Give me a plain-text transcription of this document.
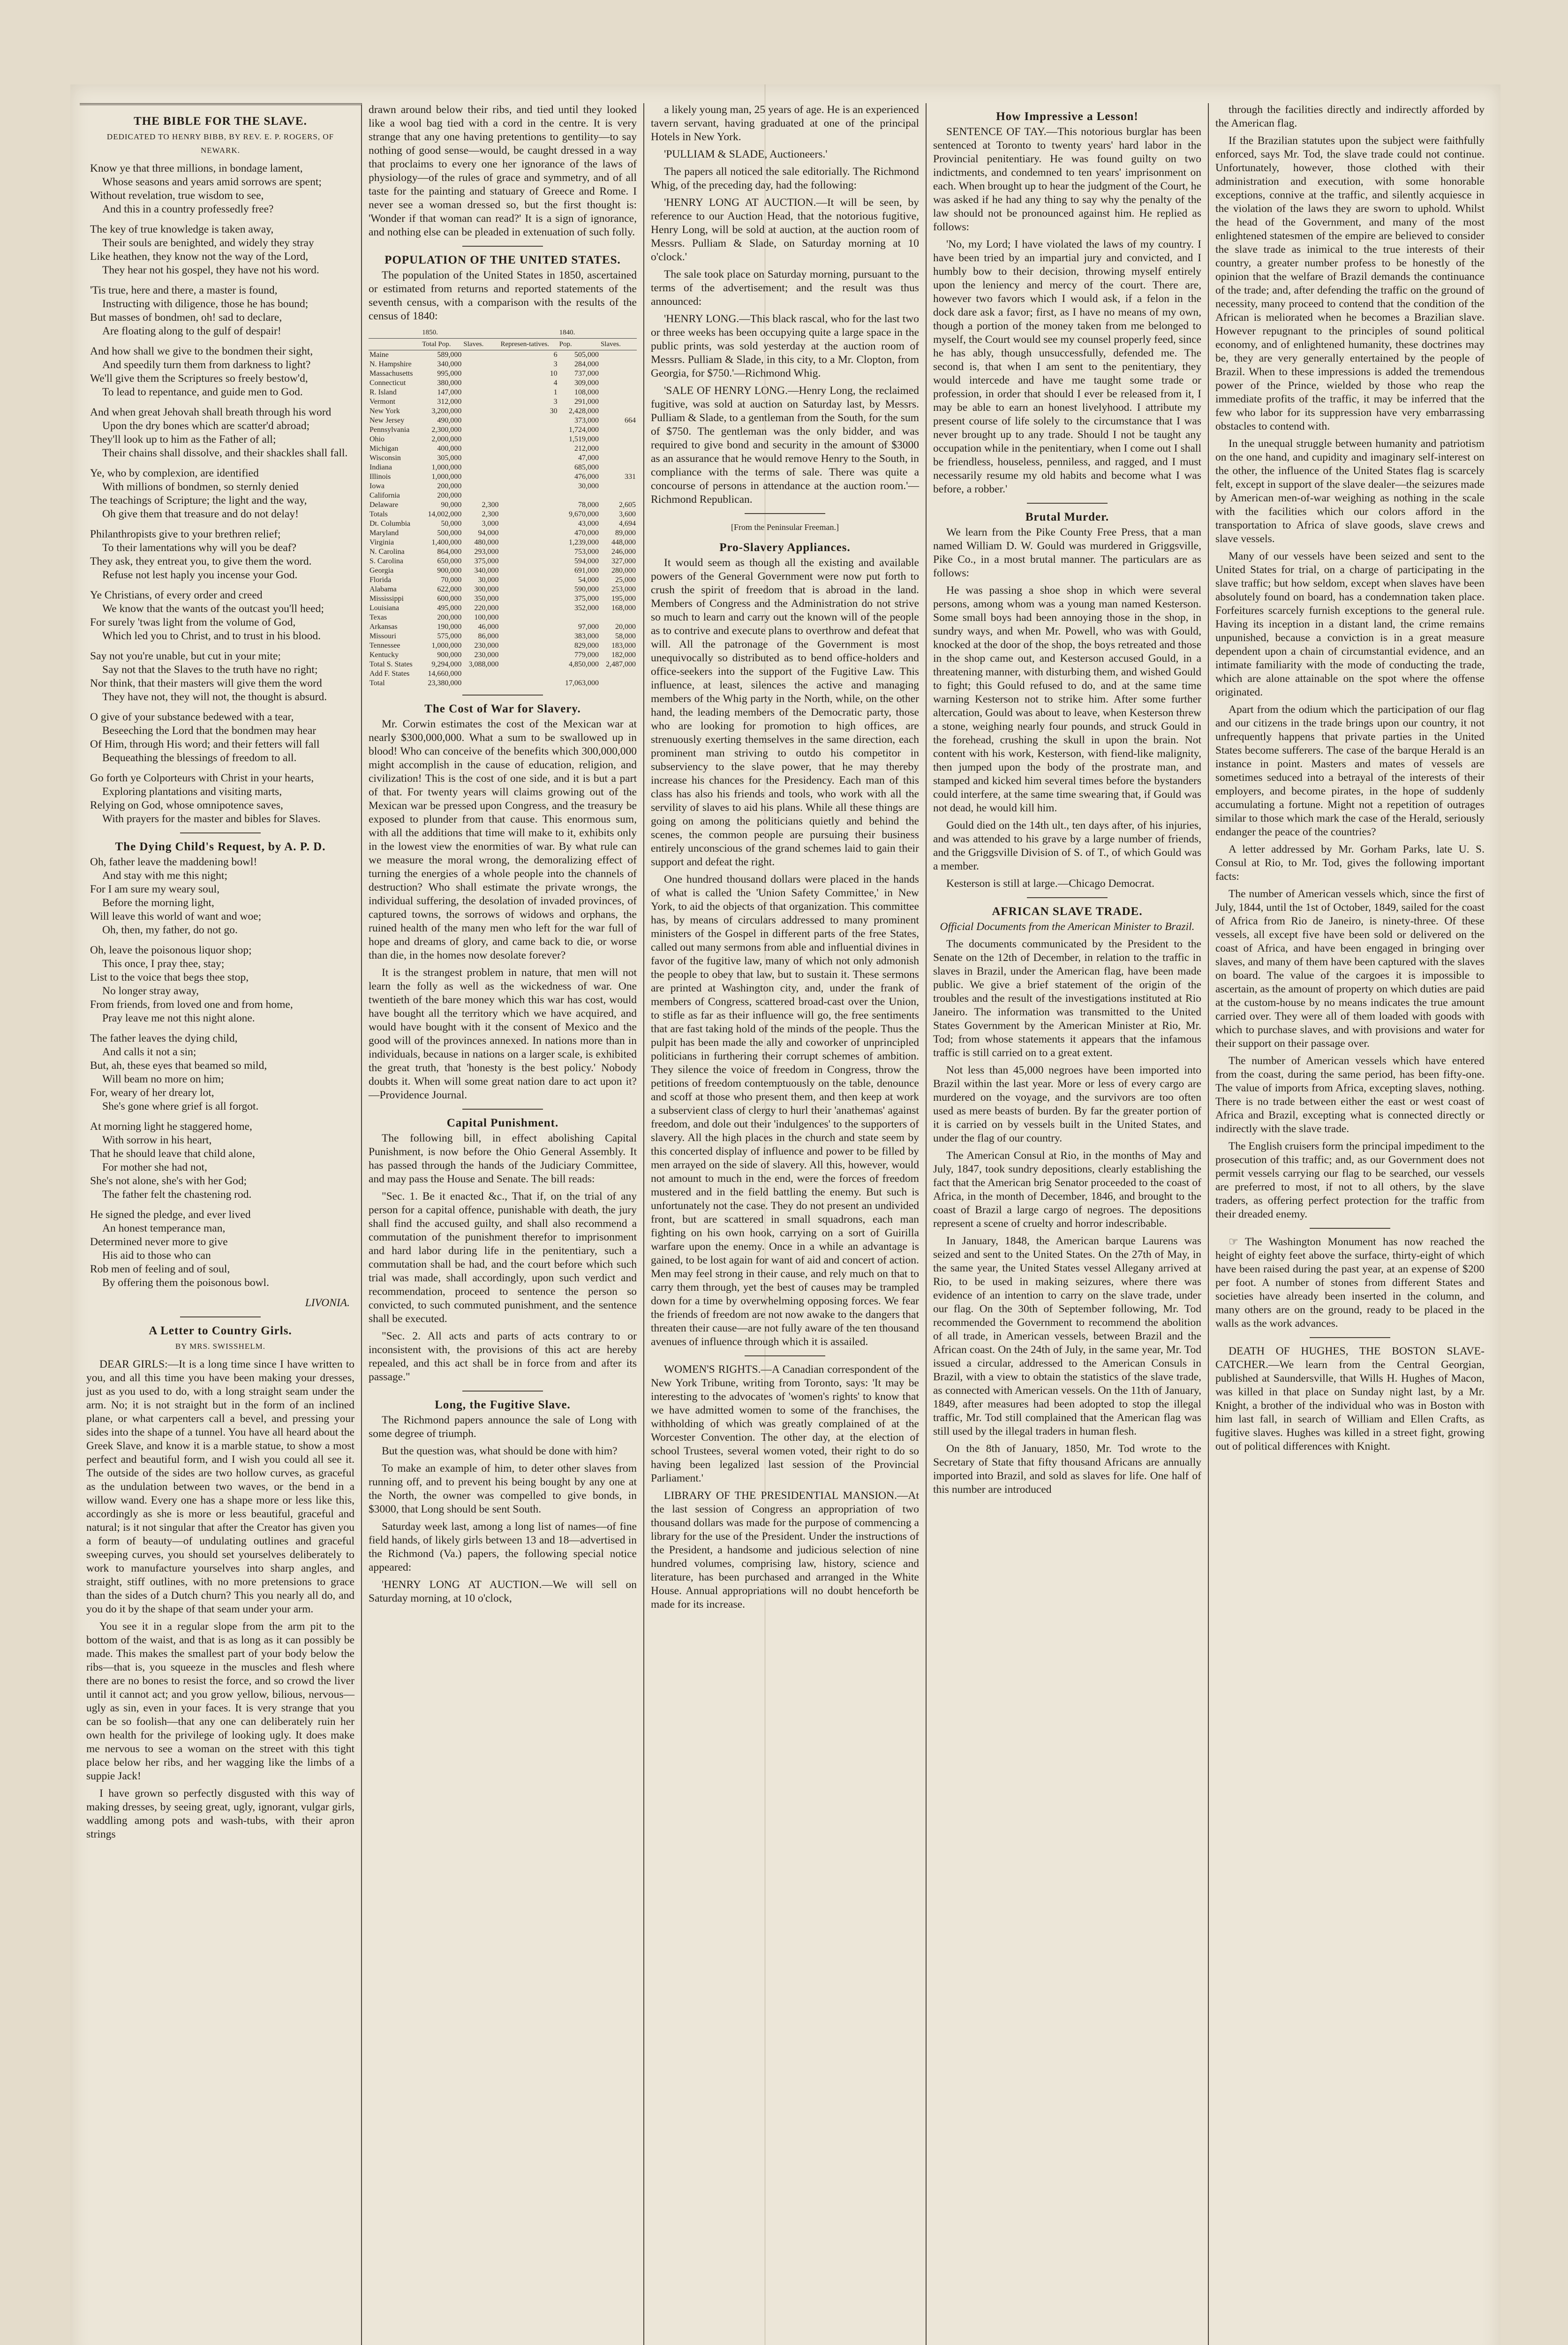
THE BIBLE FOR THE SLAVE.
DEDICATED TO HENRY BIBB, BY REV. E. P. ROGERS, OF NEWARK.

Know ye that three millions, in bondage lament,

Whose seasons and years amid sorrows are spent;

Without revelation, true wisdom to see,

And this in a country professedly free?

The key of true knowledge is taken away,

Their souls are benighted, and widely they stray

Like heathen, they know not the way of the Lord,

They hear not his gospel, they have not his word.

'Tis true, here and there, a master is found,

Instructing with diligence, those he has bound;

But masses of bondmen, oh! sad to declare,

Are floating along to the gulf of despair!

And how shall we give to the bondmen their sight,

And speedily turn them from darkness to light?

We'll give them the Scriptures so freely bestow'd,

To lead to repentance, and guide men to God.

And when great Jehovah shall breath through his word

Upon the dry bones which are scatter'd abroad;

They'll look up to him as the Father of all;

Their chains shall dissolve, and their shackles shall fall.

Ye, who by complexion, are identified

With millions of bondmen, so sternly denied

The teachings of Scripture; the light and the way,

Oh give them that treasure and do not delay!

Philanthropists give to your brethren relief;

To their lamentations why will you be deaf?

They ask, they entreat you, to give them the word.

Refuse not lest haply you incense your God.

Ye Christians, of every order and creed

We know that the wants of the outcast you'll heed;

For surely 'twas light from the volume of God,

Which led you to Christ, and to trust in his blood.

Say not you're unable, but cut in your mite;

Say not that the Slaves to the truth have no right;

Nor think, that their masters will give them the word

They have not, they will not, the thought is absurd.

O give of your substance bedewed with a tear,

Beseeching the Lord that the bondmen may hear

Of Him, through His word; and their fetters will fall

Bequeathing the blessings of freedom to all.

Go forth ye Colporteurs with Christ in your hearts,

Exploring plantations and visiting marts,

Relying on God, whose omnipotence saves,

With prayers for the master and bibles for Slaves.

The Dying Child's Request, by A. P. D.

Oh, father leave the maddening bowl!

And stay with me this night;

For I am sure my weary soul,

Before the morning light,

Will leave this world of want and woe;

Oh, then, my father, do not go.

Oh, leave the poisonous liquor shop;

This once, I pray thee, stay;

List to the voice that begs thee stop,

No longer stray away,

From friends, from loved one and from home,

Pray leave me not this night alone.

The father leaves the dying child,

And calls it not a sin;

But, ah, these eyes that beamed so mild,

Will beam no more on him;

For, weary of her dreary lot,

She's gone where grief is all forgot.

At morning light he staggered home,

With sorrow in his heart,

That he should leave that child alone,

For mother she had not,

She's not alone, she's with her God;

The father felt the chastening rod.

He signed the pledge, and ever lived

An honest temperance man,

Determined never more to give

His aid to those who can

Rob men of feeling and of soul,

By offering them the poisonous bowl.

LIVONIA.
A Letter to Country Girls.
BY MRS. SWISSHELM.

DEAR GIRLS:—It is a long time since I have written to you, and all this time you have been making your dresses, just as you used to do, with a long straight seam under the arm. No; it is not straight but in the form of an inclined plane, or what carpenters call a bevel, and pressing your sides into the shape of a tunnel. You have all heard about the Greek Slave, and know it is a marble statue, to show a most perfect and beautiful form, and I wish you could all see it. The outside of the sides are two hollow curves, as graceful as the undulation between two waves, or the bend in a willow wand. Every one has a shape more or less like this, accordingly as she is more or less beautiful, graceful and natural; is it not singular that after the Creator has given you a form of beauty—of undulating outlines and graceful sweeping curves, you should set yourselves deliberately to work to manufacture yourselves into sharp angles, and straight, stiff outlines, with no more pretensions to grace than the sides of a Dutch churn? This you nearly all do, and you do it by the shape of that seam under your arm.

You see it in a regular slope from the arm pit to the bottom of the waist, and that is as long as it can possibly be made. This makes the smallest part of your body below the ribs—that is, you squeeze in the muscles and flesh where there are no bones to resist the force, and so crowd the liver until it cannot act; and you grow yellow, bilious, nervous—ugly as sin, even in your faces. It is very strange that you can be so foolish—that any one can deliberately ruin her own health for the privilege of looking ugly. It does make me nervous to see a woman on the street with this tight place below her ribs, and her wagging like the limbs of a suppie Jack!

I have grown so perfectly disgusted with this way of making dresses, by seeing great, ugly, ignorant, vulgar girls, waddling among pots and wash-tubs, with their apron strings

drawn around below their ribs, and tied until they looked like a wool bag tied with a cord in the centre. It is very strange that any one having pretentions to gentility—to say nothing of good sense—would, be caught dressed in a way that proclaims to every one her ignorance of the laws of physiology—of the rules of grace and symmetry, and of all taste for the painting and statuary of Greece and Rome. I never see a woman dressed so, but the first thought is: 'Wonder if that woman can read?' It is a sign of ignorance, and nothing else can be pleaded in extenuation of such folly.

POPULATION OF THE UNITED STATES.

The population of the United States in 1850, ascertained or estimated from returns and reported statements of the seventh census, with a comparison with the results of the census of 1840:

	1850.			1840.	
	Total Pop.	Slaves.	Represen-tatives.	Pop.	Slaves.
Maine	589,000		6	505,000	
N. Hampshire	340,000		3	284,000	
Massachusetts	995,000		10	737,000	
Connecticut	380,000		4	309,000	
R. Island	147,000		1	108,000	
Vermont	312,000		3	291,000	
New York	3,200,000		30	2,428,000	
New Jersey	490,000			373,000	664
Pennsylvania	2,300,000			1,724,000	
Ohio	2,000,000			1,519,000	
Michigan	400,000			212,000	
Wisconsin	305,000			47,000	
Indiana	1,000,000			685,000	
Illinois	1,000,000			476,000	331
Iowa	200,000			30,000	
California	200,000				
Delaware	90,000	2,300		78,000	2,605
Totals	14,002,000	2,300		9,670,000	3,600
Dt. Columbia	50,000	3,000		43,000	4,694
Maryland	500,000	94,000		470,000	89,000
Virginia	1,400,000	480,000		1,239,000	448,000
N. Carolina	864,000	293,000		753,000	246,000
S. Carolina	650,000	375,000		594,000	327,000
Georgia	900,000	340,000		691,000	280,000
Florida	70,000	30,000		54,000	25,000
Alabama	622,000	300,000		590,000	253,000
Mississippi	600,000	350,000		375,000	195,000
Louisiana	495,000	220,000		352,000	168,000
Texas	200,000	100,000			
Arkansas	190,000	46,000		97,000	20,000
Missouri	575,000	86,000		383,000	58,000
Tennessee	1,000,000	230,000		829,000	183,000
Kentucky	900,000	230,000		779,000	182,000
Total S. States	9,294,000	3,088,000		4,850,000	2,487,000
Add F. States	14,660,000				
Total	23,380,000			17,063,000	
The Cost of War for Slavery.

Mr. Corwin estimates the cost of the Mexican war at nearly $300,000,000. What a sum to be swallowed up in blood! Who can conceive of the benefits which 300,000,000 might accomplish in the cause of education, religion, and civilization! This is the cost of one side, and it is but a part of that. For twenty years will claims growing out of the Mexican war be pressed upon Congress, and the treasury be exposed to plunder from that cause. This enormous sum, with all the additions that time will make to it, exhibits only in the lowest view the enormities of war. By what rule can we measure the moral wrong, the demoralizing effect of turning the energies of a whole people into the channels of destruction? Who shall estimate the private wrongs, the individual suffering, the desolation of invaded provinces, of captured towns, the sorrows of widows and orphans, the ruined health of the many men who left for the war full of hope and dreams of glory, and came back to die, or worse than die, in the homes now desolate forever?

It is the strangest problem in nature, that men will not learn the folly as well as the wickedness of war. One twentieth of the bare money which this war has cost, would have bought all the territory which we have acquired, and would have bought with it the consent of Mexico and the good will of the provinces annexed. In nations more than in individuals, because in nations on a larger scale, is exhibited the great truth, that 'honesty is the best policy.' Nobody doubts it. When will some great nation dare to act upon it?—Providence Journal.

Capital Punishment.

The following bill, in effect abolishing Capital Punishment, is now before the Ohio General Assembly. It has passed through the hands of the Judiciary Committee, and may pass the House and Senate. The bill reads:

"Sec. 1. Be it enacted &c., That if, on the trial of any person for a capital offence, punishable with death, the jury shall find the accused guilty, and shall also recommend a commutation of the punishment therefor to imprisonment and hard labor during life in the penitentiary, such a commutation shall be had, and the court before which such trial was made, shall accordingly, upon such verdict and recommendation, proceed to sentence the person so convicted, to such commuted punishment, and the sentence shall be executed.

"Sec. 2. All acts and parts of acts contrary to or inconsistent with, the provisions of this act are hereby repealed, and this act shall be in force from and after its passage."

Long, the Fugitive Slave.

The Richmond papers announce the sale of Long with some degree of triumph.

But the question was, what should be done with him?

To make an example of him, to deter other slaves from running off, and to prevent his being bought by any one at the North, the owner was compelled to give bonds, in $3000, that Long should be sent South.

Saturday week last, among a long list of names—of fine field hands, of likely girls between 13 and 18—advertised in the Richmond (Va.) papers, the following special notice appeared:

'HENRY LONG AT AUCTION.—We will sell on Saturday morning, at 10 o'clock,

a likely young man, 25 years of age. He is an experienced tavern servant, having graduated at one of the principal Hotels in New York.

'PULLIAM & SLADE, Auctioneers.'

The papers all noticed the sale editorially. The Richmond Whig, of the preceding day, had the following:

'HENRY LONG AT AUCTION.—It will be seen, by reference to our Auction Head, that the notorious fugitive, Henry Long, will be sold at auction, at the auction room of Messrs. Pulliam & Slade, on Saturday morning at 10 o'clock.'

The sale took place on Saturday morning, pursuant to the terms of the advertisement; and the result was thus announced:

'HENRY LONG.—This black rascal, who for the last two or three weeks has been occupying quite a large space in the public prints, was sold yesterday at the auction room of Messrs. Pulliam & Slade, in this city, to a Mr. Clopton, from Georgia, for $750.'—Richmond Whig.

'SALE OF HENRY LONG.—Henry Long, the reclaimed fugitive, was sold at auction on Saturday last, by Messrs. Pulliam & Slade, to a gentleman from the South, for the sum of $750. The gentleman was the only bidder, and was required to give bond and security in the amount of $3000 as an assurance that he would remove Henry to the South, in compliance with the terms of sale. There was quite a concourse of persons in attendance at the auction room.'—Richmond Republican.

[From the Peninsular Freeman.]
Pro-Slavery Appliances.

It would seem as though all the existing and available powers of the General Government were now put forth to crush the spirit of freedom that is abroad in the land. Members of Congress and the Administration do not strive so much to learn and carry out the known will of the people as to contrive and execute plans to overthrow and defeat that will. All the patronage of the Government is most unequivocally so distributed as to bend office-holders and office-seekers into the support of the Fugitive Law. This influence, at least, silences the active and managing members of the Whig party in the North, while, on the other hand, the leading members of the Democratic party, those who are looking for promotion to high offices, are strenuously exerting themselves in the same direction, each prominent man striving to outdo his competitor in subserviency to the slave power, that he may thereby increase his chances for the Presidency. Each man of this class has also his friends and tools, who work with all the servility of slaves to aid his plans. While all these things are going on among the politicians quietly and behind the scenes, the common people are pursuing their business entirely unconscious of the grand schemes laid to gain their support and defeat the right.

One hundred thousand dollars were placed in the hands of what is called the 'Union Safety Committee,' in New York, to aid the objects of that organization. This committee has, by means of circulars addressed to many prominent ministers of the Gospel in different parts of the free States, called out many sermons from able and influential divines in favor of the fugitive law, many of which not only admonish the people to obey that law, but to sustain it. These sermons are printed at Washington city, and, under the frank of members of Congress, scattered broad-cast over the Union, to stifle as far as their influence will go, the free sentiments that are fast taking hold of the minds of the people. Thus the pulpit has been made the ally and coworker of unprincipled politicians in furthering their corrupt schemes of ambition. They silence the voice of freedom in Congress, throw the petitions of freedom contemptuously on the table, denounce and scoff at those who present them, and then keep at work a subservient class of clergy to hurl their 'anathemas' against freedom, and dole out their 'indulgences' to the supporters of slavery. All the high places in the church and state seem by this concerted display of influence and power to be filled by men arrayed on the side of slavery. All this, however, would not amount to much in the end, were the forces of freedom mustered and in the field battling the enemy. But such is unfortunately not the case. They do not present an undivided front, but are scattered in small squadrons, each man fighting on his own hook, carrying on a sort of Guirilla warfare upon the enemy. Once in a while an advantage is gained, to be lost again for want of aid and concert of action. Men may feel strong in their cause, and rely much on that to carry them through, yet the best of causes may be trampled down for a time by overwhelming opposing forces. We fear the friends of freedom are not now awake to the dangers that threaten their cause—are not fully aware of the ten thousand avenues of influence through which it is assailed.

WOMEN'S RIGHTS.—A Canadian correspondent of the New York Tribune, writing from Toronto, says: 'It may be interesting to the advocates of 'women's rights' to know that we have admitted women to some of the franchises, the withholding of which was greatly complained of at the Worcester Convention. The other day, at the election of school Trustees, several women voted, their right to do so having been legalized last session of the Provincial Parliament.'

LIBRARY OF THE PRESIDENTIAL MANSION.—At the last session of Congress an appropriation of two thousand dollars was made for the purpose of commencing a library for the use of the President. Under the instructions of the President, a handsome and judicious selection of nine hundred volumes, comprising law, history, science and literature, has been purchased and arranged in the White House. Annual appropriations will no doubt henceforth be made for its increase.

How Impressive a Lesson!

SENTENCE OF TAY.—This notorious burglar has been sentenced at Toronto to twenty years' hard labor in the Provincial penitentiary. He was found guilty on two indictments, and condemned to ten years' imprisonment on each. When brought up to hear the judgment of the Court, he was asked if he had any thing to say why the penalty of the law should not be pronounced against him. He replied as follows:

'No, my Lord; I have violated the laws of my country. I have been tried by an impartial jury and convicted, and I humbly bow to their decision, throwing myself entirely upon the leniency and mercy of the court. There are, however two favors which I would ask, if a felon in the dock dare ask a favor; first, as I have no means of my own, though a portion of the money taken from me belonged to myself, the Court would see my counsel properly feed, since he has ably, though unsuccessfully, defended me. The second is, that when I am sent to the penitentiary, they would intercede and have me taught some trade or profession, in order that should I ever be released from it, I may be able to earn an honest livelyhood. I attribute my present course of life solely to the circumstance that I was never brought up to any trade. Should I not be taught any occupation while in the penitentiary, when I come out I shall be friendless, houseless, penniless, and ragged, and I must necessarily resume my old habits and become what I was before, a robber.'

Brutal Murder.

We learn from the Pike County Free Press, that a man named William D. W. Gould was murdered in Griggsville, Pike Co., in a most brutal manner. The particulars are as follows:

He was passing a shoe shop in which were several persons, among whom was a young man named Kesterson. Some small boys had been annoying those in the shop, in sundry ways, and when Mr. Powell, who was with Gould, knocked at the door of the shop, the boys retreated and those in the shop came out, and Kesterson accused Gould, in a threatening manner, with disturbing them, and wished Gould to fight; this Gould refused to do, and at the same time warning Kesterson not to strike him. After some further altercation, Gould was about to leave, when Kesterson threw a stone, weighing nearly four pounds, and struck Gould in the forehead, crushing the skull in upon the brain. Not content with his work, Kesterson, with fiend-like malignity, then jumped upon the body of the prostrate man, and stamped and kicked him several times before the bystanders could interfere, at the same time swearing that, if Gould was not dead, he would kill him.

Gould died on the 14th ult., ten days after, of his injuries, and was attended to his grave by a large number of friends, and the Griggsville Division of S. of T., of which Gould was a member.

Kesterson is still at large.—Chicago Democrat.

AFRICAN SLAVE TRADE.
Official Documents from the American Minister to Brazil.

The documents communicated by the President to the Senate on the 12th of December, in relation to the traffic in slaves in Brazil, under the American flag, have been made public. We give a brief statement of the origin of the troubles and the result of the investigations instituted at Rio Janeiro. The information was transmitted to the United States Government by the American Minister at Rio, Mr. Tod; from whose statements it appears that the infamous traffic is still carried on to a great extent.

Not less than 45,000 negroes have been imported into Brazil within the last year. More or less of every cargo are murdered on the voyage, and the survivors are too often used as mere beasts of burden. By far the greater portion of it is carried on by vessels built in the United States, and under the flag of our country.

The American Consul at Rio, in the months of May and July, 1847, took sundry depositions, clearly establishing the fact that the American brig Senator proceeded to the coast of Africa, in the month of December, 1846, and brought to the coast of Brazil a large cargo of negroes. The depositions represent a scene of cruelty and horror indescribable.

In January, 1848, the American barque Laurens was seized and sent to the United States. On the 27th of May, in the same year, the United States vessel Allegany arrived at Rio, to be used in making seizures, where there was evidence of an intention to carry on the slave trade, under our flag. On the 30th of September following, Mr. Tod recommended the Government to recommend the abolition of all trade, in American vessels, between Brazil and the African coast. On the 24th of July, in the same year, Mr. Tod issued a circular, addressed to the American Consuls in Brazil, with a view to obtain the statistics of the slave trade, as connected with American vessels. On the 11th of January, 1849, after measures had been adopted to stop the illegal traffic, Mr. Tod still complained that the American flag was still used by the illegal traders in human flesh.

On the 8th of January, 1850, Mr. Tod wrote to the Secretary of State that fifty thousand Africans are annually imported into Brazil, and sold as slaves for life. One half of this number are introduced

through the facilities directly and indirectly afforded by the American flag.

If the Brazilian statutes upon the subject were faithfully enforced, says Mr. Tod, the slave trade could not continue. Unfortunately, however, those clothed with their administration and execution, with some honorable exceptions, connive at the traffic, and silently acquiesce in the violation of the laws they are sworn to uphold. Whilst the head of the Government, and many of the most enlightened statesmen of the empire are believed to consider the slave trade as inimical to the true interests of their country, a greater number profess to be honestly of the opinion that the welfare of Brazil demands the continuance of the trade; and, after defending the traffic on the ground of necessity, many proceed to contend that the condition of the African is meliorated when he becomes a Brazilian slave. However repugnant to the principles of sound political economy, and of enlightened humanity, these doctrines may be, they are very generally entertained by the people of Brazil. When to these impressions is added the tremendous power of the Prince, wielded by those who reap the immediate profits of the traffic, it may be inferred that the few who labor for its suppression have very embarrassing obstacles to contend with.

In the unequal struggle between humanity and patriotism on the one hand, and cupidity and imaginary self-interest on the other, the influence of the United States flag is scarcely felt, except in support of the slave dealer—the seizures made by American men-of-war weighing as nothing in the scale with the facilities which our colors afford in the transportation to Africa of slave goods, slave crews and slave vessels.

Many of our vessels have been seized and sent to the United States for trial, on a charge of participating in the slave traffic; but how seldom, except when slaves have been absolutely found on board, has a condemnation taken place. Forfeitures scarcely furnish exceptions to the general rule. Having its inception in a distant land, the crime remains unpunished, because a conviction is in a great measure dependent upon a chain of circumstantial evidence, and an intimate familiarity with the mode of conducting the trade, which are alone attainable on the spot where the offense originated.

Apart from the odium which the participation of our flag and our citizens in the trade brings upon our country, it not unfrequently happens that private parties in the United States become sufferers. The case of the barque Herald is an instance in point. Masters and mates of vessels are sometimes seduced into a betrayal of the interests of their employers, and become pirates, in the hope of suddenly accumulating a fortune. Might not a repetition of outrages similar to those which mark the case of the Herald, seriously endanger the peace of the countries?

A letter addressed by Mr. Gorham Parks, late U. S. Consul at Rio, to Mr. Tod, gives the following important facts:

The number of American vessels which, since the first of July, 1844, until the 1st of October, 1849, sailed for the coast of Africa from Rio de Janeiro, is ninety-three. Of these vessels, all except five have been sold or delivered on the coast of Africa, and have been engaged in bringing over slaves, and many of them have been captured with the slaves on board. The value of the cargoes it is impossible to ascertain, as the amount of property on which duties are paid at the custom-house by no means indicates the true amount carried over. They were all of them loaded with goods with which to purchase slaves, and with provisions and water for their support on their passage over.

The number of American vessels which have entered from the coast, during the same period, has been fifty-one. The value of imports from Africa, excepting slaves, nothing. There is no trade between either the east or west coast of Africa and Brazil, excepting what is connected directly or indirectly with the slave trade.

The English cruisers form the principal impediment to the prosecution of this traffic; and, as our Government does not permit vessels carrying our flag to be searched, our vessels are preferred to most, if not to all others, by the slave traders, as offering perfect protection for the traffic from their dreaded enemy.

☞ The Washington Monument has now reached the height of eighty feet above the surface, thirty-eight of which have been raised during the past year, at an expense of $200 per foot. A number of stones from different States and societies have already been inserted in the column, and many others are on the ground, ready to be placed in the walls as the work advances.

DEATH OF HUGHES, THE BOSTON SLAVE-CATCHER.—We learn from the Central Georgian, published at Saundersville, that Wills H. Hughes of Macon, was killed in that place on Sunday night last, by a Mr. Knight, a brother of the individual who was in Boston with him last fall, in search of William and Ellen Crafts, as fugitive slaves. Hughes was killed in a street fight, growing out of political differences with Knight.
